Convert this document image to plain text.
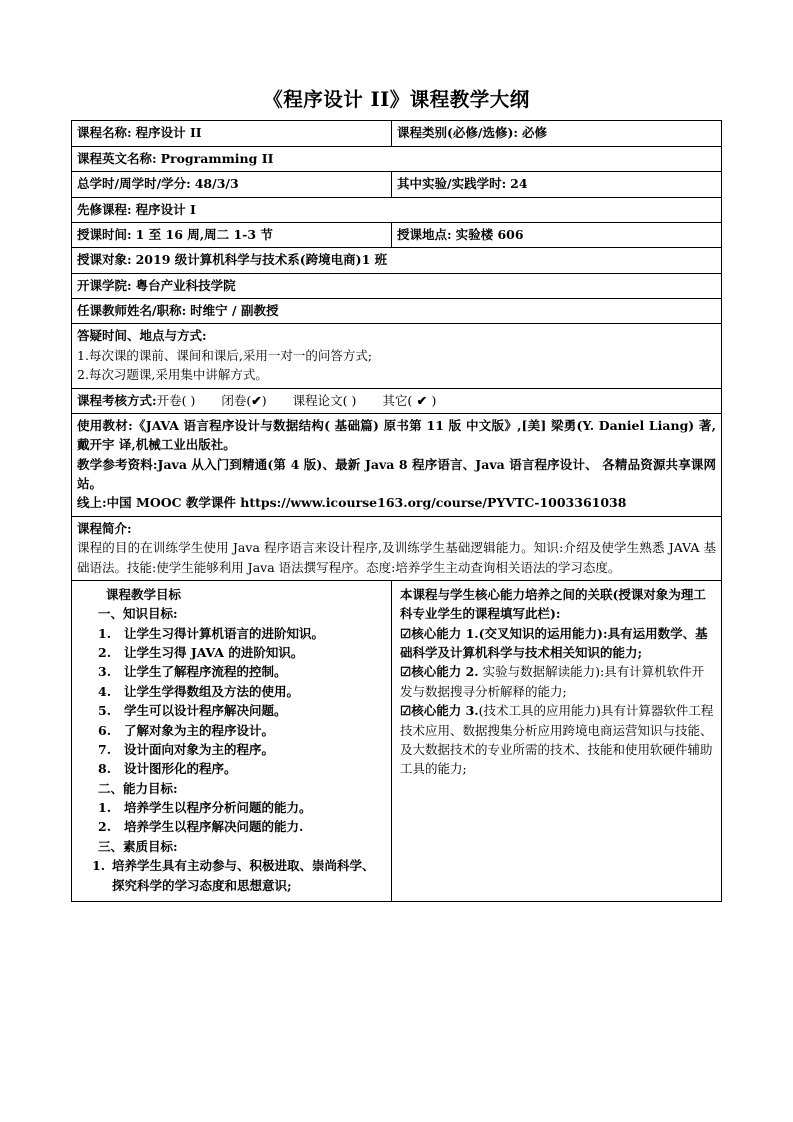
《程序设计 II》课程教学大纲
课程名称: 程序设计 II	课程类别(必修/选修): 必修

课程英文名称: Programming II	

总学时/周学时/学分: 48/3/3	其中实验/实践学时: 24

先修课程: 程序设计 I	

授课时间: 1 至 16 周,周二 1-3 节	授课地点: 实验楼 606

授课对象: 2019 级计算机科学与技术系(跨境电商)1 班	

开课学院: 粤台产业科技学院	

任课教师姓名/职称: 时维宁 / 副教授	

答疑时间、地点与方式:
1.每次课的课前、课间和课后,采用一对一的问答方式;
2.每次习题课,采用集中讲解方式。	

课程考核方式:开卷( ) 闭卷(✔) 课程论文( ) 其它( ✔ )	

使用教材:《JAVA 语言程序设计与数据结构( 基础篇) 原书第 11 版 中文版》,[美] 梁勇(Y. Daniel Liang) 著,戴开宇 译,机械工业出版社。
教学参考资料:Java 从入门到精通(第 4 版)、最新 Java 8 程序语言、Java 语言程序设计、 各精品资源共享课网站。
线上:中国 MOOC 教学课件 https://www.icourse163.org/course/PYVTC-1003361038	

课程简介:
课程的目的在训练学生使用 Java 程序语言来设计程序,及训练学生基础逻辑能力。知识:介绍及使学生熟悉 JAVA 基础语法。技能:使学生能够利用 Java 语法撰写程序。态度:培养学生主动查询相关语法的学习态度。	

课程教学目标
一、知识目标:
1.	让学生习得计算机语言的进阶知识。
2.	让学生习得 JAVA 的进阶知识。
3.	让学生了解程序流程的控制。
4.	让学生学得数组及方法的使用。
5.	学生可以设计程序解决问题。
6.	了解对象为主的程序设计。
7.	设计面向对象为主的程序。
8.	设计图形化的程序。
二、能力目标:
1.	培养学生以程序分析问题的能力。
2.	培养学生以程序解决问题的能力.
三、素质目标:
1. 培养学生具有主动参与、积极进取、崇尚科学、探究科学的学习态度和思想意识;

本课程与学生核心能力培养之间的关联(授课对象为理工科专业学生的课程填写此栏):

☑核心能力 1.(交叉知识的运用能力):具有运用数学、基础科学及计算机科学与技术相关知识的能力;

☑核心能力 2. 实验与数据解读能力):具有计算机软件开发与数据搜寻分析解释的能力;

☑核心能力 3.(技术工具的应用能力)具有计算器软件工程技术应用、数据搜集分析应用跨境电商运营知识与技能、及大数据技术的专业所需的技术、技能和使用软硬件辅助工具的能力;
